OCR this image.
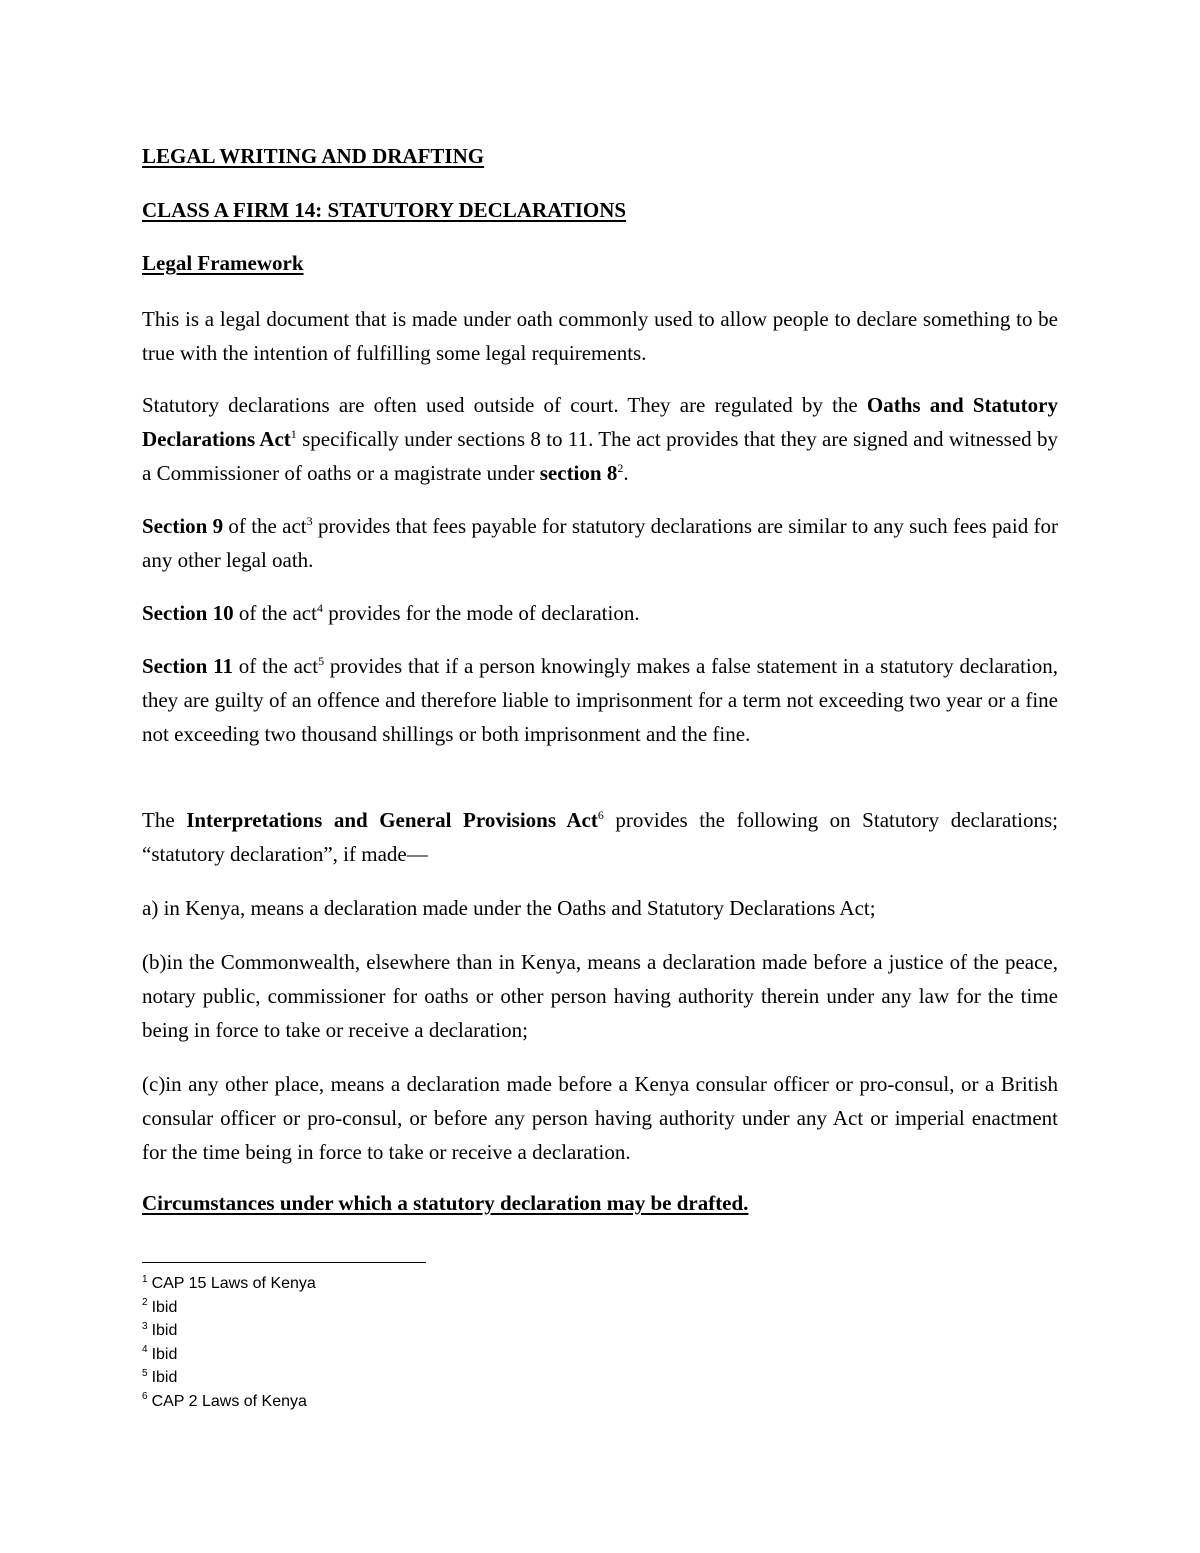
LEGAL WRITING AND DRAFTING
CLASS A FIRM 14: STATUTORY DECLARATIONS
Legal Framework

This is a legal document that is made under oath commonly used to allow people to declare something to be true with the intention of fulfilling some legal requirements.

Statutory declarations are often used outside of court. They are regulated by the Oaths and Statutory Declarations Act$^1$ specifically under sections 8 to 11. The act provides that they are signed and witnessed by a Commissioner of oaths or a magistrate under section $8^2$.

Section 9 of the act$^3$ provides that fees payable for statutory declarations are similar to any such fees paid for any other legal oath.

Section 10 of the act$^4$ provides for the mode of declaration.

Section 11 of the act$^5$ provides that if a person knowingly makes a false statement in a statutory declaration, they are guilty of an offence and therefore liable to imprisonment for a term not exceeding two year or a fine not exceeding two thousand shillings or both imprisonment and the fine.

The Interpretations and General Provisions Act$^6$ provides the following on Statutory declarations; “statutory declaration”, if made—

a) in Kenya, means a declaration made under the Oaths and Statutory Declarations Act;

(b)in the Commonwealth, elsewhere than in Kenya, means a declaration made before a justice of the peace, notary public, commissioner for oaths or other person having authority therein under any law for the time being in force to take or receive a declaration;

(c)in any other place, means a declaration made before a Kenya consular officer or pro-consul, or a British consular officer or pro-consul, or before any person having authority under any Act or imperial enactment for the time being in force to take or receive a declaration.

Circumstances under which a statutory declaration may be drafted.
$^1$ CAP 15 Laws of Kenya
$^2$ Ibid
$^3$ Ibid
$^4$ Ibid
$^5$ Ibid
$^6$ CAP 2 Laws of Kenya
